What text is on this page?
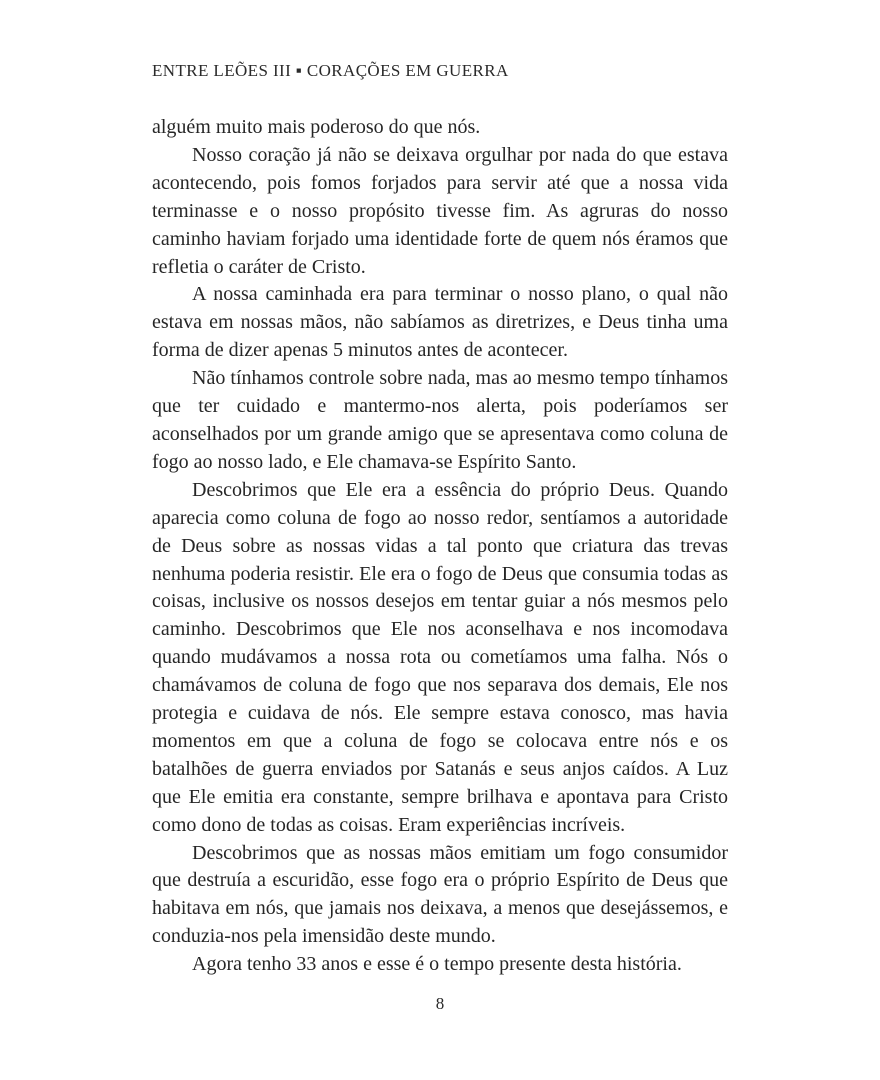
ENTRE LEÕES III ▪ CORAÇÕES EM GUERRA

alguém muito mais poderoso do que nós.

Nosso coração já não se deixava orgulhar por nada do que estava acontecendo, pois fomos forjados para servir até que a nossa vida terminasse e o nosso propósito tivesse fim. As agruras do nosso caminho haviam forjado uma identidade forte de quem nós éramos que refletia o caráter de Cristo.

A nossa caminhada era para terminar o nosso plano, o qual não estava em nossas mãos, não sabíamos as diretrizes, e Deus tinha uma forma de dizer apenas 5 minutos antes de acontecer.

Não tínhamos controle sobre nada, mas ao mesmo tempo tínhamos que ter cuidado e mantermo-nos alerta, pois poderíamos ser aconselhados por um grande amigo que se apresentava como coluna de fogo ao nosso lado, e Ele chamava-se Espírito Santo.

Descobrimos que Ele era a essência do próprio Deus. Quando aparecia como coluna de fogo ao nosso redor, sentíamos a autoridade de Deus sobre as nossas vidas a tal ponto que criatura das trevas nenhuma poderia resistir. Ele era o fogo de Deus que consumia todas as coisas, inclusive os nossos desejos em tentar guiar a nós mesmos pelo caminho. Descobrimos que Ele nos aconselhava e nos incomodava quando mudávamos a nossa rota ou cometíamos uma falha. Nós o chamávamos de coluna de fogo que nos separava dos demais, Ele nos protegia e cuidava de nós. Ele sempre estava conosco, mas havia momentos em que a coluna de fogo se colocava entre nós e os batalhões de guerra enviados por Satanás e seus anjos caídos. A Luz que Ele emitia era constante, sempre brilhava e apontava para Cristo como dono de todas as coisas. Eram experiências incríveis.

Descobrimos que as nossas mãos emitiam um fogo consumidor que destruía a escuridão, esse fogo era o próprio Espírito de Deus que habitava em nós, que jamais nos deixava, a menos que desejássemos, e conduzia-nos pela imensidão deste mundo.

Agora tenho 33 anos e esse é o tempo presente desta história.

8
